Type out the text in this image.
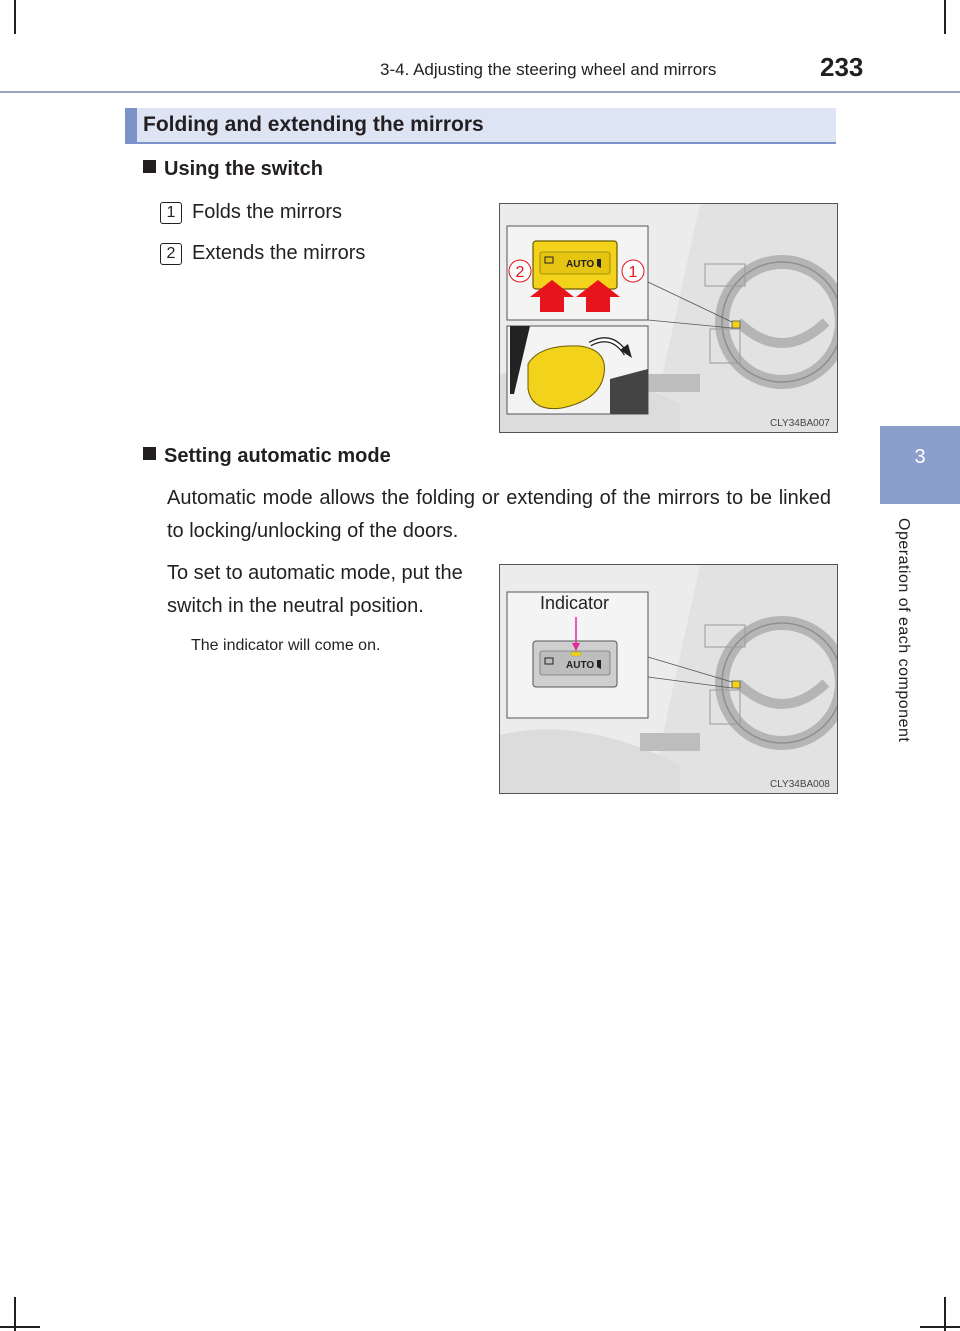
3-4. Adjusting the steering wheel and mirrors	233
3
Operation of each component
Folding and extending the mirrors
Using the switch
1 Folds the mirrors
2 Extends the mirrors
AUTO
2	1
CLY34BA007
Setting automatic mode
Automatic mode allows the folding or extending of the mirrors to be linked to locking/unlocking of the doors.
To set to automatic mode, put the
switch in the neutral position.
The indicator will come on.
AUTO
Indicator
CLY34BA008
